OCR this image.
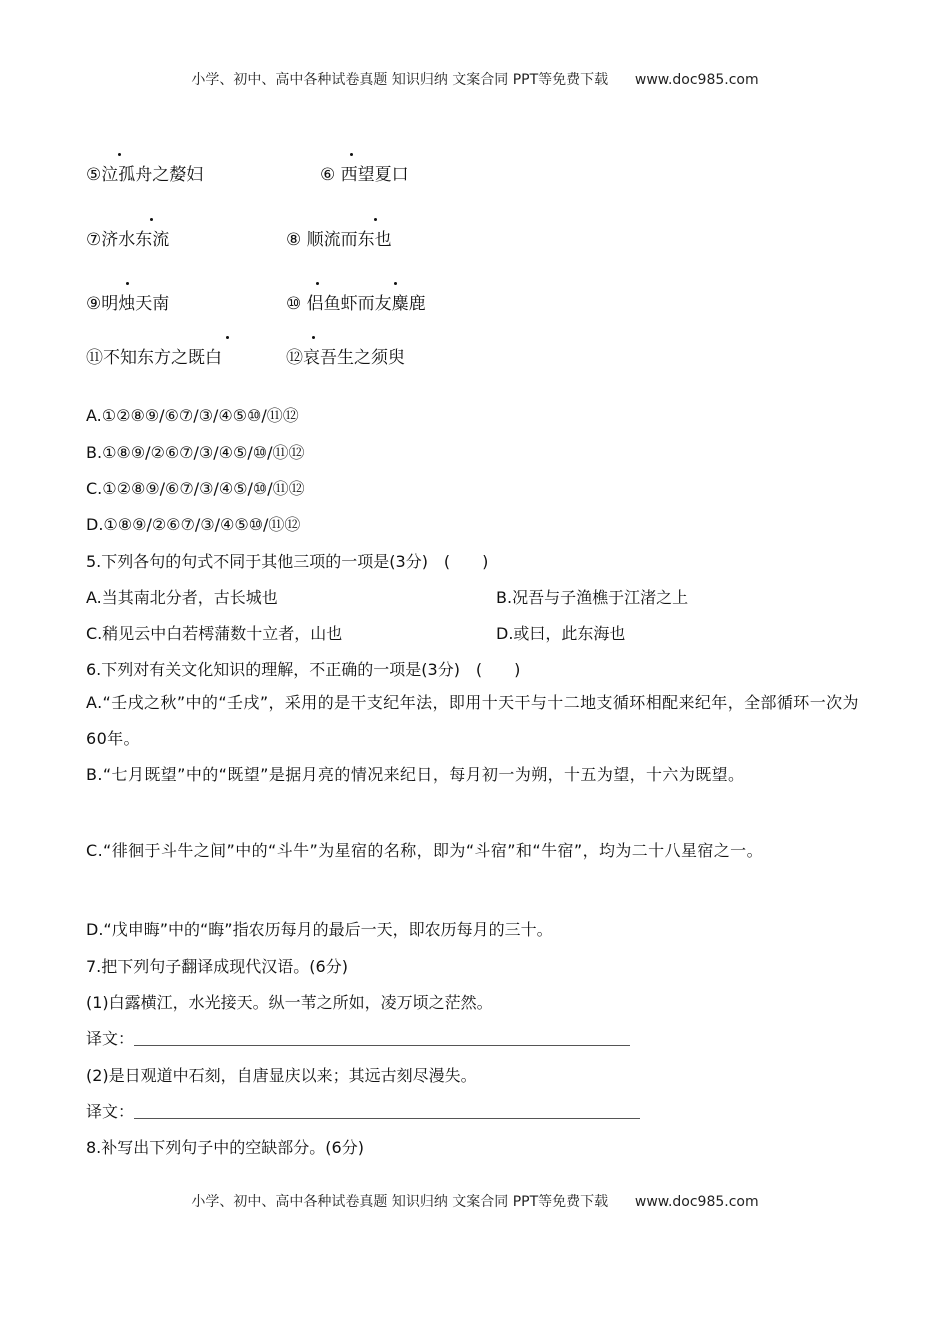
小学、初中、高中各种试卷真题 知识归纳 文案合同 PPT等免费下载 www.doc985.com
⑤泣孤舟之嫠妇	⑥ 西望夏口
⑦济水东流	⑧ 顺流而东也
⑨明烛天南	⑩ 侣鱼虾而友麋鹿
⑪不知东方之既白	⑫哀吾生之须臾
A.①②⑧⑨/⑥⑦/③/④⑤⑩/⑪⑫
B.①⑧⑨/②⑥⑦/③/④⑤/⑩/⑪⑫
C.①②⑧⑨/⑥⑦/③/④⑤/⑩/⑪⑫
D.①⑧⑨/②⑥⑦/③/④⑤⑩/⑪⑫
5.下列各句的句式不同于其他三项的一项是(3分)　(　　)
A.当其南北分者，古长城也	B.况吾与子渔樵于江渚之上
C.稍见云中白若樗蒲数十立者，山也	D.或曰，此东海也
6.下列对有关文化知识的理解，不正确的一项是(3分)　(　　)
A.“壬戌之秋”中的“壬戌”，采用的是干支纪年法，即用十天干与十二地支循环相配来纪年，全部循环一次为60年。
B.“七月既望”中的“既望”是据月亮的情况来纪日，每月初一为朔，十五为望，十六为既望。
C.“徘徊于斗牛之间”中的“斗牛”为星宿的名称，即为“斗宿”和“牛宿”，均为二十八星宿之一。
D.“戊申晦”中的“晦”指农历每月的最后一天，即农历每月的三十。
7.把下列句子翻译成现代汉语。(6分)
(1)白露横江，水光接天。纵一苇之所如，凌万顷之茫然。
译文：
(2)是日观道中石刻，自唐显庆以来；其远古刻尽漫失。
译文：
8.补写出下列句子中的空缺部分。(6分)
小学、初中、高中各种试卷真题 知识归纳 文案合同 PPT等免费下载 www.doc985.com
